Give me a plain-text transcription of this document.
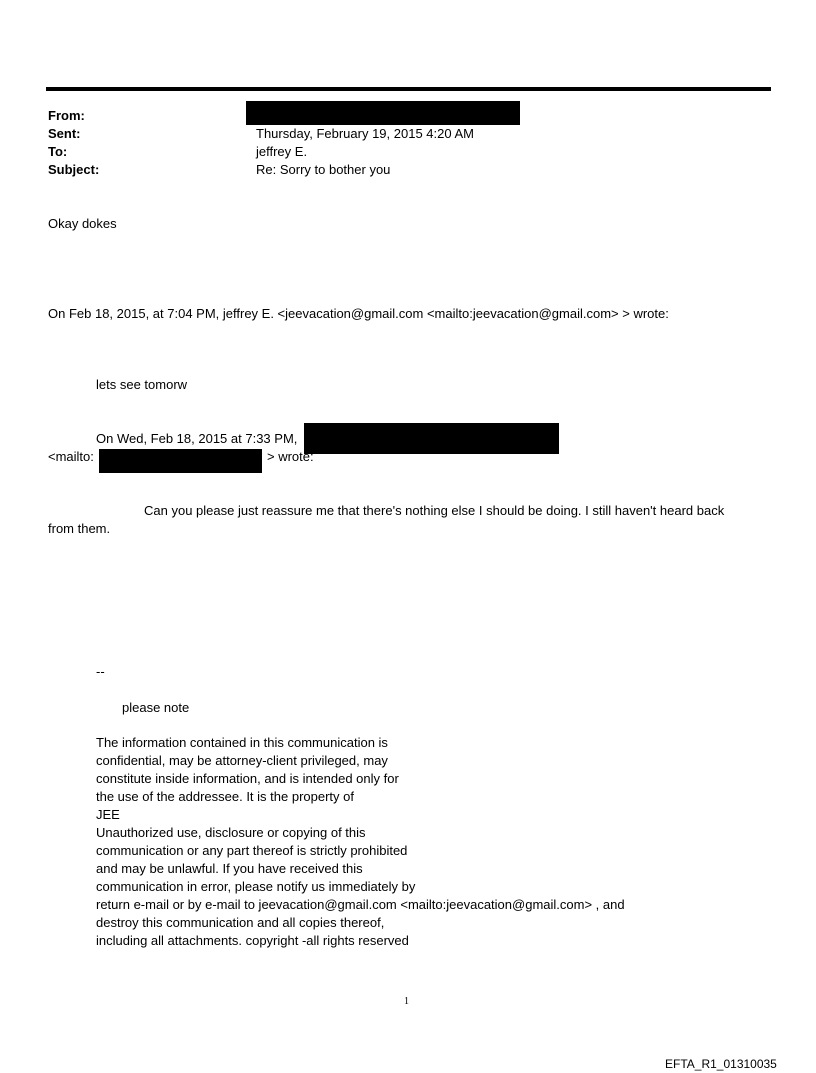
From:
Sent:	Thursday, February 19, 2015 4:20 AM
To:	jeffrey E.
Subject:	Re: Sorry to bother you
Okay dokes
On Feb 18, 2015, at 7:04 PM, jeffrey E. <jeevacation@gmail.com <mailto:jeevacation@gmail.com> > wrote:
lets see tomorw
On Wed, Feb 18, 2015 at 7:33 PM,
<mailto:	> wrote:
Can you please just reassure me that there's nothing else I should be doing. I still haven't heard back
from them.
--
please note
The information contained in this communication is
confidential, may be attorney-client privileged, may
constitute inside information, and is intended only for
the use of the addressee. It is the property of
JEE
Unauthorized use, disclosure or copying of this
communication or any part thereof is strictly prohibited
and may be unlawful. If you have received this
communication in error, please notify us immediately by
return e-mail or by e-mail to jeevacation@gmail.com <mailto:jeevacation@gmail.com> , and
destroy this communication and all copies thereof,
including all attachments. copyright -all rights reserved
1
EFTA_R1_01310035
